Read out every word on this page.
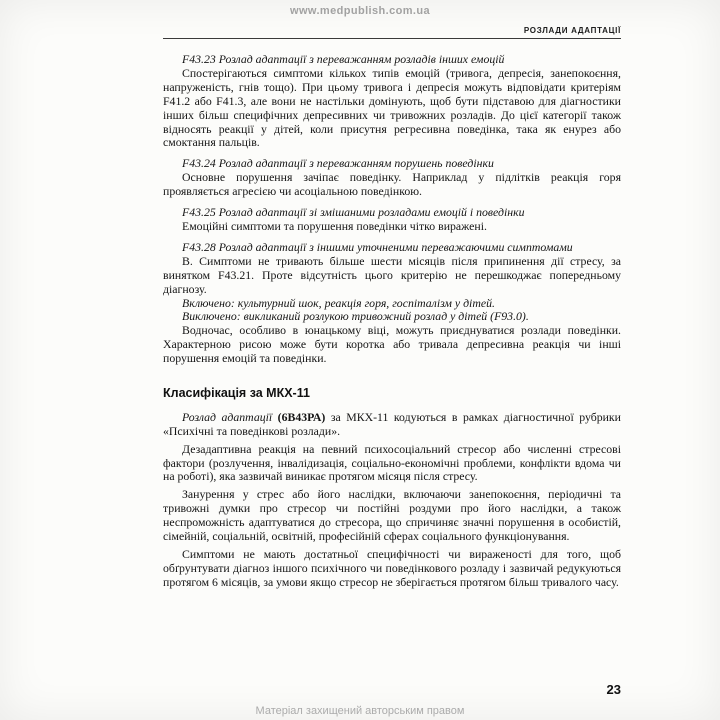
www.medpublish.com.ua
РОЗЛАДИ АДАПТАЦІЇ

F43.23 Розлад адаптації з переважанням розладів інших емоцій

Спостерігаються симптоми кількох типів емоцій (тривога, депресія, занепокоєння, напруженість, гнів тощо). При цьому тривога і депресія можуть відповідати критеріям F41.2 або F41.3, але вони не настільки домінують, щоб бути підставою для діагностики інших більш специфічних депресивних чи тривожних розладів. До цієї категорії також відносять реакції у дітей, коли присутня регресивна поведінка, така як енурез або смоктання пальців.

F43.24 Розлад адаптації з переважанням порушень поведінки

Основне порушення зачіпає поведінку. Наприклад у підлітків реакція горя проявляється агресією чи асоціальною поведінкою.

F43.25 Розлад адаптації зі змішаними розладами емоцій і поведінки

Емоційні симптоми та порушення поведінки чітко виражені.

F43.28 Розлад адаптації з іншими уточненими переважаючими симптомами

В. Симптоми не тривають більше шести місяців після припинення дії стресу, за винятком F43.21. Проте відсутність цього критерію не перешкоджає попередньому діагнозу.

Включено: культурний шок, реакція горя, госпіталізм у дітей.

Виключено: викликаний розлукою тривожний розлад у дітей (F93.0).

Водночас, особливо в юнацькому віці, можуть приєднуватися розлади поведінки. Характерною рисою може бути коротка або тривала депресивна реакція чи інші порушення емоцій та поведінки.

Класифікація за МКХ-11

Розлад адаптації (6В43РА) за МКХ-11 кодуються в рамках діагностичної рубрики «Психічні та поведінкові розлади».

Дезадаптивна реакція на певний психосоціальний стресор або численні стресові фактори (розлучення, інвалідизація, соціально-економічні проблеми, конфлікти вдома чи на роботі), яка зазвичай виникає протягом місяця після стресу.

Занурення у стрес або його наслідки, включаючи занепокоєння, періодичні та тривожні думки про стресор чи постійні роздуми про його наслідки, а також неспроможність адаптуватися до стресора, що спричиняє значні порушення в особистій, сімейній, соціальній, освітній, професійній сферах соціального функціонування.

Симптоми не мають достатньої специфічності чи вираженості для того, щоб обґрунтувати діагноз іншого психічного чи поведінкового розладу і зазвичай редукуються протягом 6 місяців, за умови якщо стресор не зберігається протягом більш тривалого часу.

23
Матеріал захищений авторським правом
